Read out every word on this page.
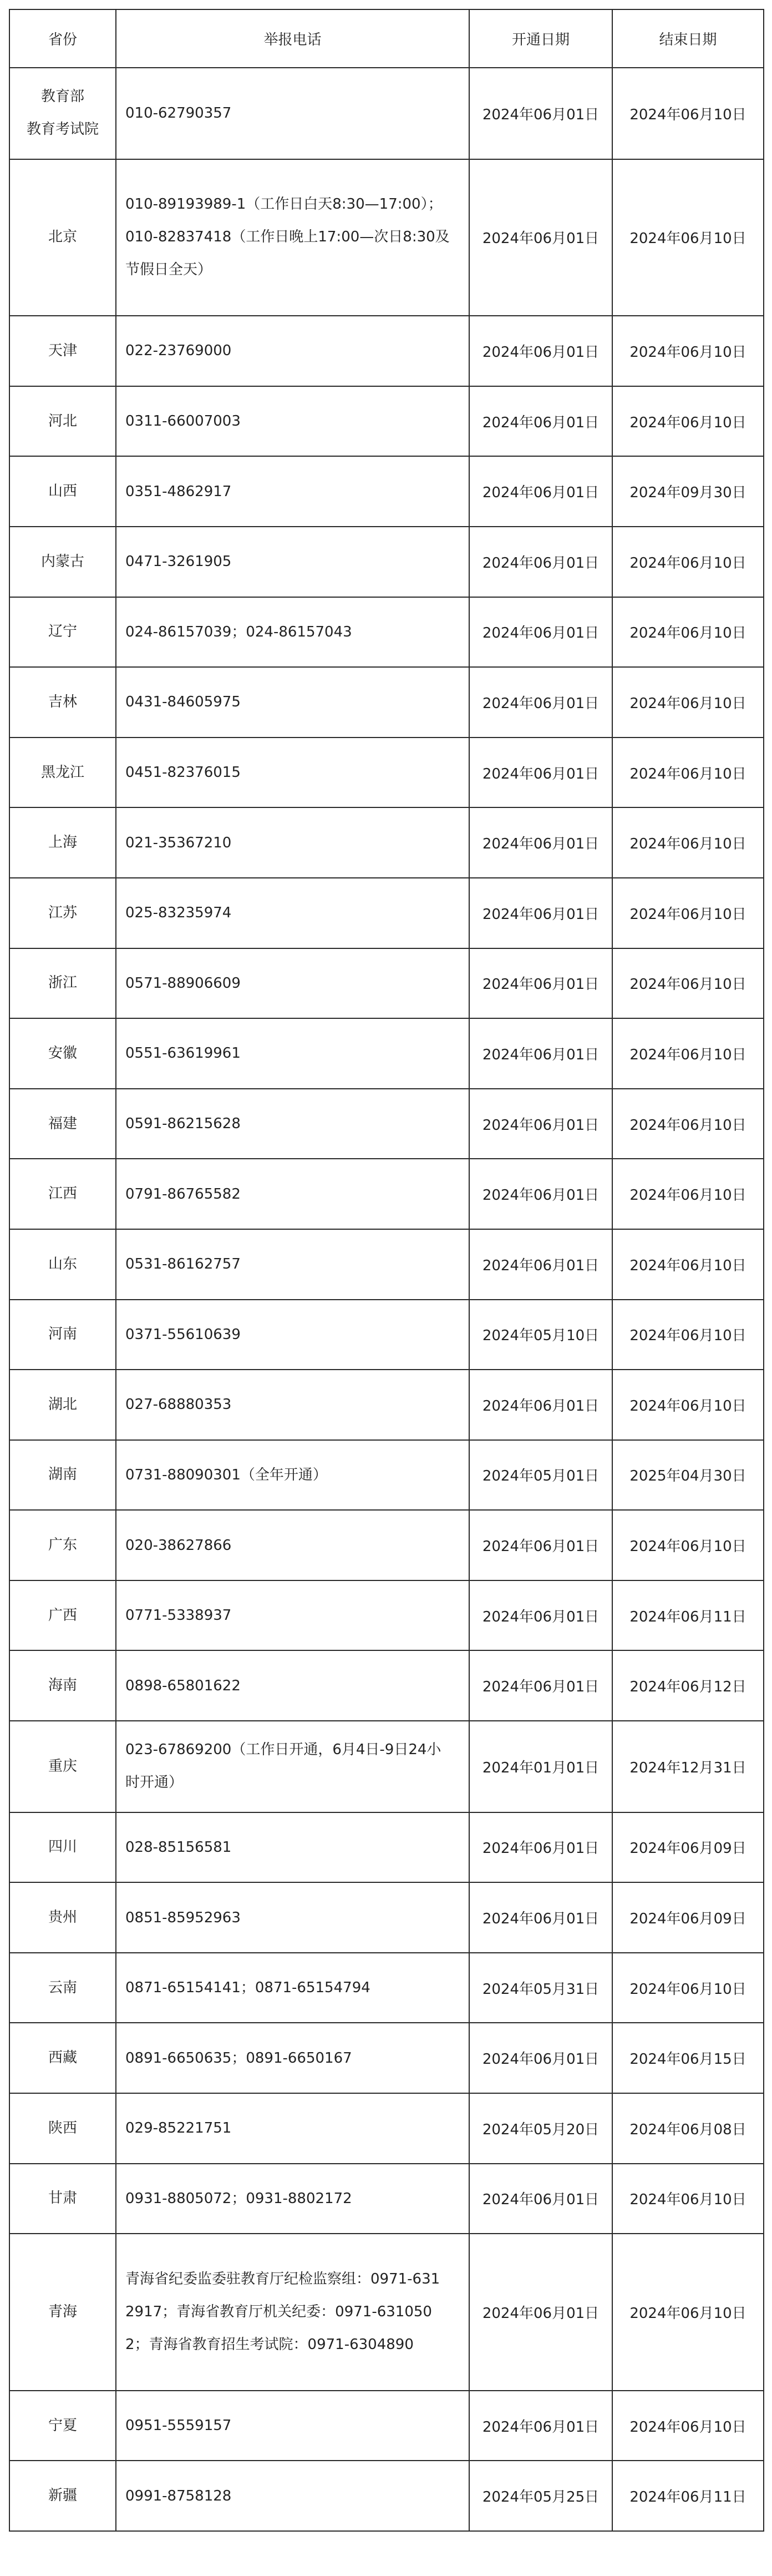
省份	举报电话	开通日期	结束日期

教育部
教育考试院	010-62790357	2024年06月01日	2024年06月10日

北京	010-89193989-1（工作日白天8:30—17:00）；
010-82837418（工作日晚上17:00—次日8:30及
节假日全天）	2024年06月01日	2024年06月10日

天津	022-23769000	2024年06月01日	2024年06月10日

河北	0311-66007003	2024年06月01日	2024年06月10日

山西	0351-4862917	2024年06月01日	2024年09月30日

内蒙古	0471-3261905	2024年06月01日	2024年06月10日

辽宁	024-86157039；024-86157043	2024年06月01日	2024年06月10日

吉林	0431-84605975	2024年06月01日	2024年06月10日

黑龙江	0451-82376015	2024年06月01日	2024年06月10日

上海	021-35367210	2024年06月01日	2024年06月10日

江苏	025-83235974	2024年06月01日	2024年06月10日

浙江	0571-88906609	2024年06月01日	2024年06月10日

安徽	0551-63619961	2024年06月01日	2024年06月10日

福建	0591-86215628	2024年06月01日	2024年06月10日

江西	0791-86765582	2024年06月01日	2024年06月10日

山东	0531-86162757	2024年06月01日	2024年06月10日

河南	0371-55610639	2024年05月10日	2024年06月10日

湖北	027-68880353	2024年06月01日	2024年06月10日

湖南	0731-88090301（全年开通）	2024年05月01日	2025年04月30日

广东	020-38627866	2024年06月01日	2024年06月10日

广西	0771-5338937	2024年06月01日	2024年06月11日

海南	0898-65801622	2024年06月01日	2024年06月12日

重庆	023-67869200（工作日开通，6月4日-9日24小
时开通）	2024年01月01日	2024年12月31日

四川	028-85156581	2024年06月01日	2024年06月09日

贵州	0851-85952963	2024年06月01日	2024年06月09日

云南	0871-65154141；0871-65154794	2024年05月31日	2024年06月10日

西藏	0891-6650635；0891-6650167	2024年06月01日	2024年06月15日

陕西	029-85221751	2024年05月20日	2024年06月08日

甘肃	0931-8805072；0931-8802172	2024年06月01日	2024年06月10日

青海	青海省纪委监委驻教育厅纪检监察组：0971-631
2917；青海省教育厅机关纪委：0971-631050
2；青海省教育招生考试院：0971-6304890	2024年06月01日	2024年06月10日

宁夏	0951-5559157	2024年06月01日	2024年06月10日

新疆	0991-8758128	2024年05月25日	2024年06月11日
